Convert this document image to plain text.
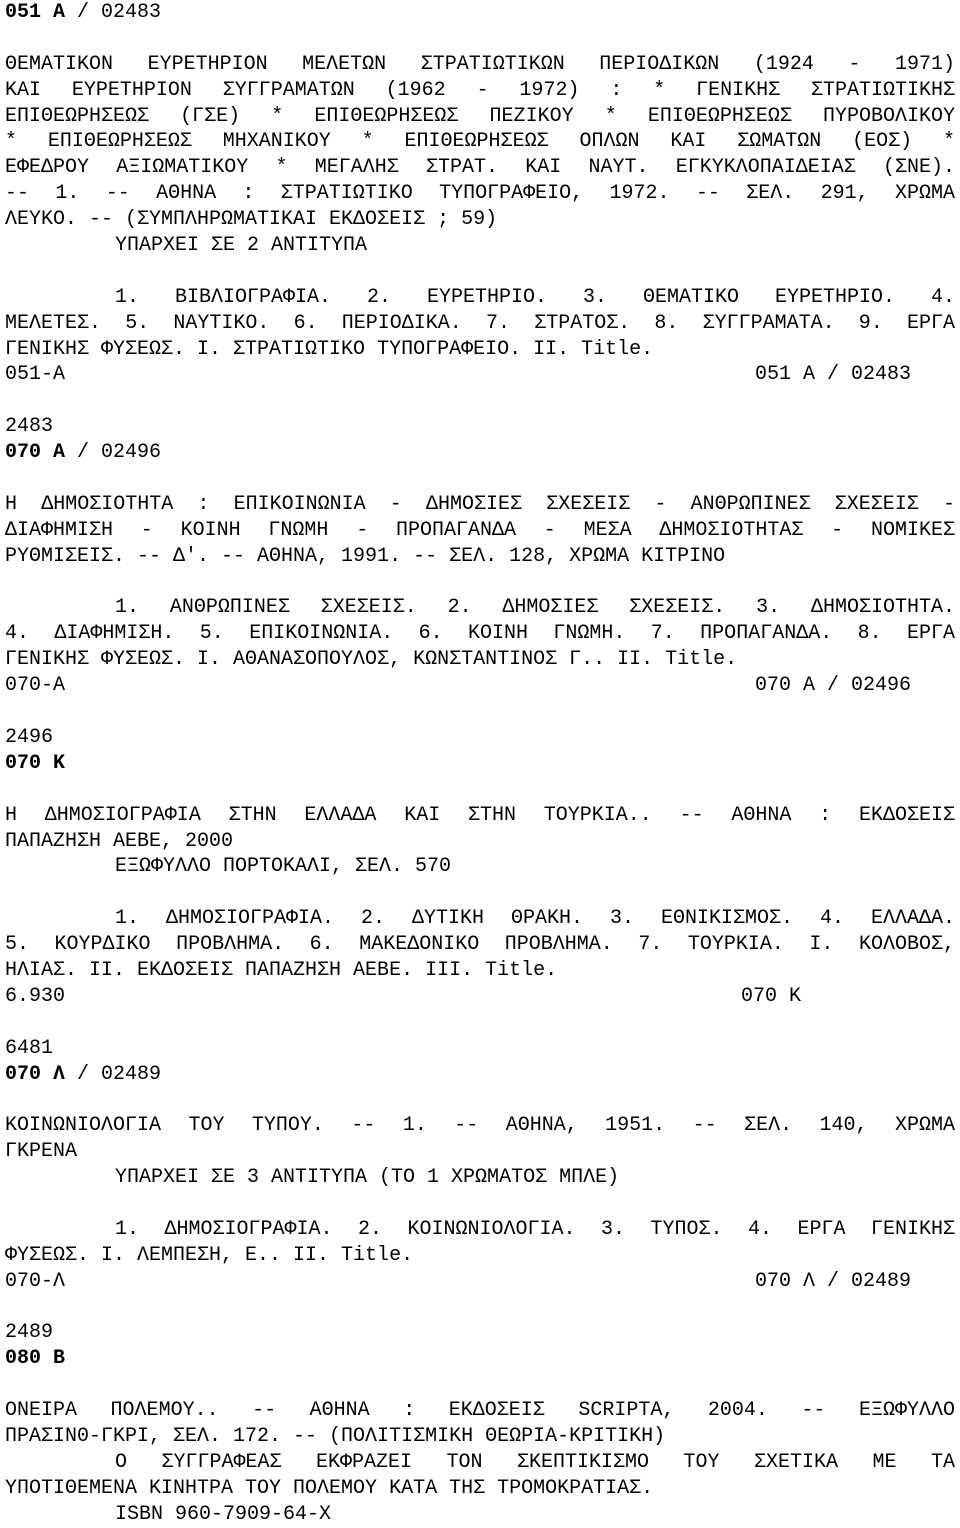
051 A / 02483
ΘΕΜΑΤΙΚΟΝ ΕΥΡΕΤΗΡΙΟΝ ΜΕΛΕΤΩΝ ΣΤΡΑΤΙΩΤΙΚΩΝ ΠΕΡΙΟΔΙΚΩΝ (1924 - 1971)
ΚΑΙ ΕΥΡΕΤΗΡΙΟΝ ΣΥΓΓΡΑΜΑΤΩΝ (1962 - 1972) : * ΓΕΝΙΚΗΣ ΣΤΡΑΤΙΩΤΙΚΗΣ
ΕΠΙΘΕΩΡΗΣΕΩΣ (ΓΣΕ) * ΕΠΙΘΕΩΡΗΣΕΩΣ ΠΕΖΙΚΟΥ * ΕΠΙΘΕΩΡΗΣΕΩΣ ΠΥΡΟΒΟΛΙΚΟΥ
* ΕΠΙΘΕΩΡΗΣΕΩΣ ΜΗΧΑΝΙΚΟΥ * ΕΠΙΘΕΩΡΗΣΕΩΣ ΟΠΛΩΝ ΚΑΙ ΣΩΜΑΤΩΝ (ΕΟΣ) *
ΕΦΕΔΡΟΥ ΑΞΙΩΜΑΤΙΚΟΥ * ΜΕΓΑΛΗΣ ΣΤΡΑΤ. ΚΑΙ ΝΑΥΤ. ΕΓΚΥΚΛΟΠΑΙΔΕΙΑΣ (ΣΝΕ).
-- 1. -- ΑΘΗΝΑ : ΣΤΡΑΤΙΩΤΙΚΟ ΤΥΠΟΓΡΑΦΕΙΟ, 1972. -- ΣΕΛ. 291, ΧΡΩΜΑ
ΛΕΥΚΟ. -- (ΣΥΜΠΛΗΡΩΜΑΤΙΚΑΙ ΕΚΔΟΣΕΙΣ ; 59)
ΥΠΑΡΧΕΙ ΣΕ 2 ΑΝΤΙΤΥΠΑ
1. ΒΙΒΛΙΟΓΡΑΦΙΑ. 2. ΕΥΡΕΤΗΡΙΟ. 3. ΘΕΜΑΤΙΚΟ ΕΥΡΕΤΗΡΙΟ. 4.
ΜΕΛΕΤΕΣ. 5. ΝΑΥΤΙΚΟ. 6. ΠΕΡΙΟΔΙΚΑ. 7. ΣΤΡΑΤΟΣ. 8. ΣΥΓΓΡΑΜΑΤΑ. 9. ΕΡΓΑ
ΓΕΝΙΚΗΣ ΦΥΣΕΩΣ. Ι. ΣΤΡΑΤΙΩΤΙΚΟ ΤΥΠΟΓΡΑΦΕΙΟ. ΙΙ. Title.
051-A	051 A / 02483
2483
070 A / 02496
Η ΔΗΜΟΣΙΟΤΗΤΑ : ΕΠΙΚΟΙΝΩΝΙΑ - ΔΗΜΟΣΙΕΣ ΣΧΕΣΕΙΣ - ΑΝΘΡΩΠΙΝΕΣ ΣΧΕΣΕΙΣ -
ΔΙΑΦΗΜΙΣΗ - ΚΟΙΝΗ ΓΝΩΜΗ - ΠΡΟΠΑΓΑΝΔΑ - ΜΕΣΑ ΔΗΜΟΣΙΟΤΗΤΑΣ - ΝΟΜΙΚΕΣ
ΡΥΘΜΙΣΕΙΣ. -- Δ'. -- ΑΘΗΝΑ, 1991. -- ΣΕΛ. 128, ΧΡΩΜΑ ΚΙΤΡΙΝΟ
1. ΑΝΘΡΩΠΙΝΕΣ ΣΧΕΣΕΙΣ. 2. ΔΗΜΟΣΙΕΣ ΣΧΕΣΕΙΣ. 3. ΔΗΜΟΣΙΟΤΗΤΑ.
4. ΔΙΑΦΗΜΙΣΗ. 5. ΕΠΙΚΟΙΝΩΝΙΑ. 6. ΚΟΙΝΗ ΓΝΩΜΗ. 7. ΠΡΟΠΑΓΑΝΔΑ. 8. ΕΡΓΑ
ΓΕΝΙΚΗΣ ΦΥΣΕΩΣ. Ι. ΑΘΑΝΑΣΟΠΟΥΛΟΣ, ΚΩΝΣΤΑΝΤΙΝΟΣ Γ.. ΙΙ. Title.
070-A	070 A / 02496
2496
070 K
Η ΔΗΜΟΣΙΟΓΡΑΦΙΑ ΣΤΗΝ ΕΛΛΑΔΑ ΚΑΙ ΣΤΗΝ ΤΟΥΡΚΙΑ.. -- ΑΘΗΝΑ : ΕΚΔΟΣΕΙΣ
ΠΑΠΑΖΗΣΗ ΑΕΒΕ, 2000
ΕΞΩΦΥΛΛΟ ΠΟΡΤΟΚΑΛΙ, ΣΕΛ. 570
1. ΔΗΜΟΣΙΟΓΡΑΦΙΑ. 2. ΔΥΤΙΚΗ ΘΡΑΚΗ. 3. ΕΘΝΙΚΙΣΜΟΣ. 4. ΕΛΛΑΔΑ.
5. ΚΟΥΡΔΙΚΟ ΠΡΟΒΛΗΜΑ. 6. ΜΑΚΕΔΟΝΙΚΟ ΠΡΟΒΛΗΜΑ. 7. ΤΟΥΡΚΙΑ. Ι. ΚΟΛΟΒΟΣ,
ΗΛΙΑΣ. ΙΙ. ΕΚΔΟΣΕΙΣ ΠΑΠΑΖΗΣΗ ΑΕΒΕ. ΙΙΙ. Title.
6.930	070 K
6481
070 Λ / 02489
ΚΟΙΝΩΝΙΟΛΟΓΙΑ ΤΟΥ ΤΥΠΟΥ. -- 1. -- ΑΘΗΝΑ, 1951. -- ΣΕΛ. 140, ΧΡΩΜΑ
ΓΚΡΕΝΑ
ΥΠΑΡΧΕΙ ΣΕ 3 ΑΝΤΙΤΥΠΑ (ΤΟ 1 ΧΡΩΜΑΤΟΣ ΜΠΛΕ)
1. ΔΗΜΟΣΙΟΓΡΑΦΙΑ. 2. ΚΟΙΝΩΝΙΟΛΟΓΙΑ. 3. ΤΥΠΟΣ. 4. ΕΡΓΑ ΓΕΝΙΚΗΣ
ΦΥΣΕΩΣ. Ι. ΛΕΜΠΕΣΗ, Ε.. ΙΙ. Title.
070-Λ	070 Λ / 02489
2489
080 B
ΟΝΕΙΡΑ ΠΟΛΕΜΟΥ.. -- ΑΘΗΝΑ : ΕΚΔΟΣΕΙΣ SCRIPTA, 2004. -- ΕΞΩΦΥΛΛΟ
ΠΡΑΣΙΝ0-ΓΚΡΙ, ΣΕΛ. 172. -- (ΠΟΛΙΤΙΣΜΙΚΗ ΘΕΩΡΙΑ-ΚΡΙΤΙΚΗ)
Ο ΣΥΓΓΡΑΦΕΑΣ ΕΚΦΡΑΖΕΙ ΤΟΝ ΣΚΕΠΤΙΚΙΣΜΟ ΤΟΥ ΣΧΕΤΙΚΑ ΜΕ ΤΑ
ΥΠΟΤΙΘΕΜΕΝΑ ΚΙΝΗΤΡΑ ΤΟΥ ΠΟΛΕΜΟΥ ΚΑΤΑ ΤΗΣ ΤΡΟΜΟΚΡΑΤΙΑΣ.
ISBN 960-7909-64-X
